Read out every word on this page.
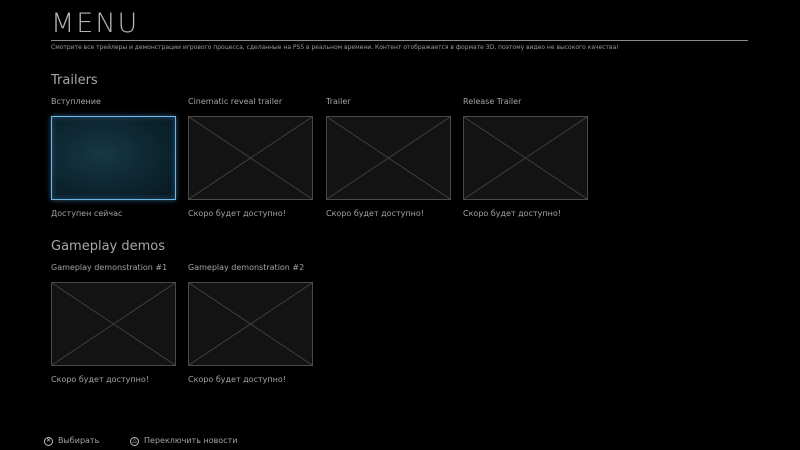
MENU
Смотрите все трейлеры и демонстрации игрового процесса, сделанные на PS5 в реальном времени. Контент отображается в формате 3D, поэтому видео не высокого качества!
Trailers
Вступление
Доступен сейчас
Cinematic reveal trailer
Скоро будет доступно!
Trailer
Скоро будет доступно!
Release Trailer
Скоро будет доступно!
Gameplay demos
Gameplay demonstration #1
Скоро будет доступно!
Gameplay demonstration #2
Скоро будет доступно!
✕ Выбирать	△ Переключить новости
